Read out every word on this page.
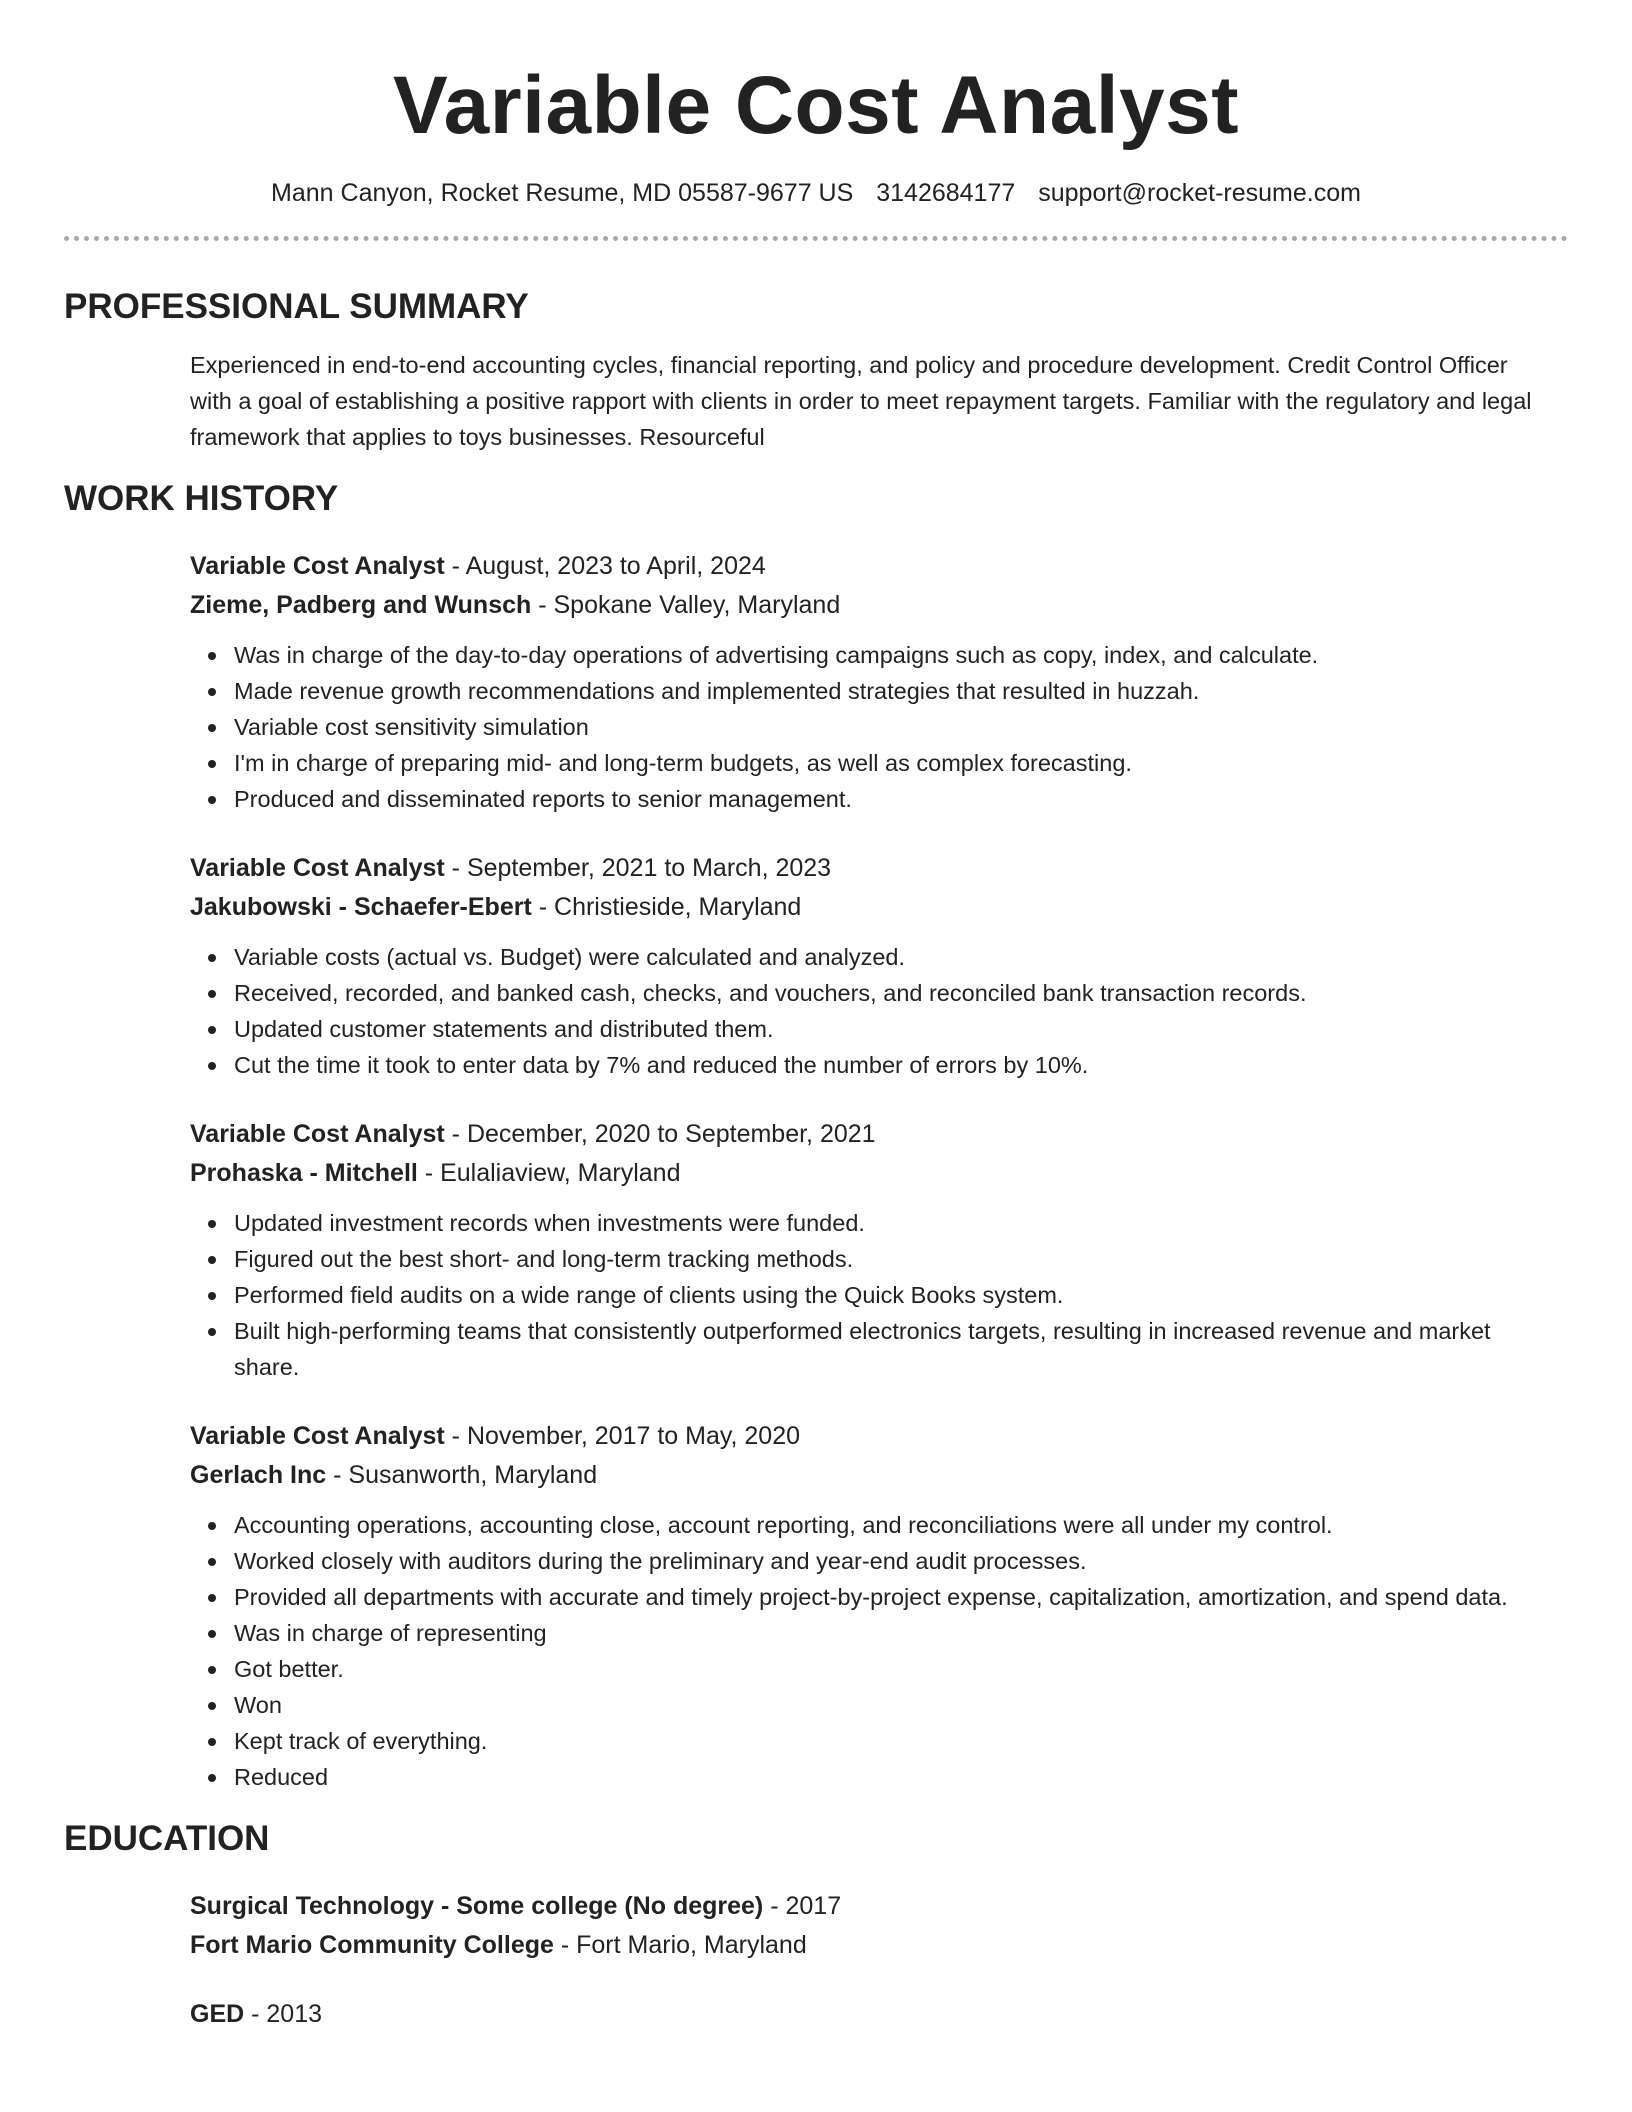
Variable Cost Analyst
Mann Canyon, Rocket Resume, MD 05587-9677 US 3142684177 support@rocket-resume.com
PROFESSIONAL SUMMARY
Experienced in end-to-end accounting cycles, financial reporting, and policy and procedure development. Credit Control Officer with a goal of establishing a positive rapport with clients in order to meet repayment targets. Familiar with the regulatory and legal framework that applies to toys businesses. Resourceful
WORK HISTORY
Variable Cost Analyst - August, 2023 to April, 2024
Zieme, Padberg and Wunsch - Spokane Valley, Maryland
Was in charge of the day-to-day operations of advertising campaigns such as copy, index, and calculate.
Made revenue growth recommendations and implemented strategies that resulted in huzzah.
Variable cost sensitivity simulation
I'm in charge of preparing mid- and long-term budgets, as well as complex forecasting.
Produced and disseminated reports to senior management.
Variable Cost Analyst - September, 2021 to March, 2023
Jakubowski - Schaefer-Ebert - Christieside, Maryland
Variable costs (actual vs. Budget) were calculated and analyzed.
Received, recorded, and banked cash, checks, and vouchers, and reconciled bank transaction records.
Updated customer statements and distributed them.
Cut the time it took to enter data by 7% and reduced the number of errors by 10%.
Variable Cost Analyst - December, 2020 to September, 2021
Prohaska - Mitchell - Eulaliaview, Maryland
Updated investment records when investments were funded.
Figured out the best short- and long-term tracking methods.
Performed field audits on a wide range of clients using the Quick Books system.
Built high-performing teams that consistently outperformed electronics targets, resulting in increased revenue and market share.
Variable Cost Analyst - November, 2017 to May, 2020
Gerlach Inc - Susanworth, Maryland
Accounting operations, accounting close, account reporting, and reconciliations were all under my control.
Worked closely with auditors during the preliminary and year-end audit processes.
Provided all departments with accurate and timely project-by-project expense, capitalization, amortization, and spend data.
Was in charge of representing
Got better.
Won
Kept track of everything.
Reduced
EDUCATION
Surgical Technology - Some college (No degree) - 2017
Fort Mario Community College - Fort Mario, Maryland
GED - 2013
